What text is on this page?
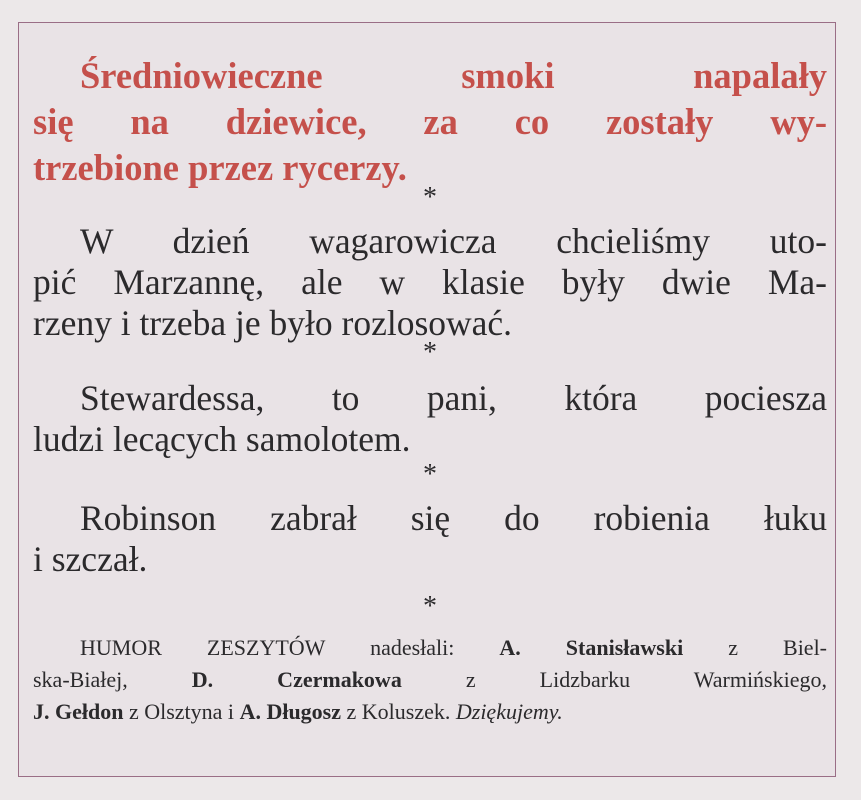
Średniowieczne smoki napalały
się na dziewice, za co zostały wy-
trzebione przez rycerzy.

*

W dzień wagarowicza chcieliśmy uto-
pić Marzannę, ale w klasie były dwie Ma-
rzeny i trzeba je było rozlosować.

*

Stewardessa, to pani, która pociesza
ludzi lecących samolotem.

*

Robinson zabrał się do robienia łuku
i szczał.

*

HUMOR ZESZYTÓW nadesłali: A. Stanisławski z Biel-
ska-Białej,	D. Czermakowa	z Lidzbarku Warmińskiego,
J. Gełdon z Olsztyna i A. Długosz z Koluszek. Dziękujemy.
